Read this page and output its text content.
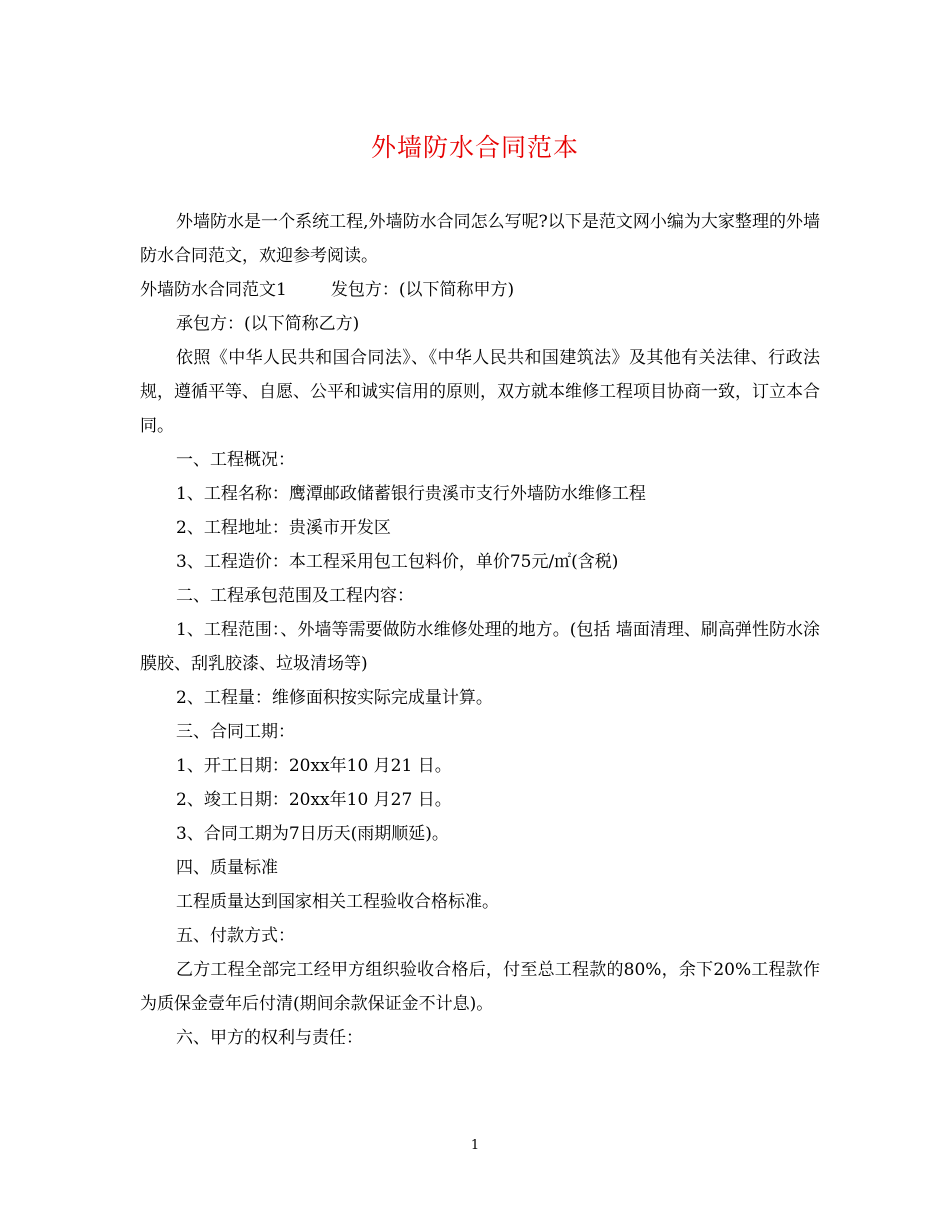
外墙防水合同范本

外墙防水是一个系统工程,外墙防水合同怎么写呢?以下是范文网小编为大家整理的外墙防水合同范文，欢迎参考阅读。

外墙防水合同范文1	发包方：(以下简称甲方)

承包方：(以下简称乙方)

依照《中华人民共和国合同法》、《中华人民共和国建筑法》及其他有关法律、行政法规，遵循平等、自愿、公平和诚实信用的原则，双方就本维修工程项目协商一致，订立本合同。

一、工程概况：

1、工程名称：鹰潭邮政储蓄银行贵溪市支行外墙防水维修工程

2、工程地址：贵溪市开发区

3、工程造价：本工程采用包工包料价，单价75元/㎡(含税)

二、工程承包范围及工程内容：

1、工程范围：、外墙等需要做防水维修处理的地方。(包括 墙面清理、刷高弹性防水涂膜胶、刮乳胶漆、垃圾清场等)

2、工程量：维修面积按实际完成量计算。

三、合同工期：

1、开工日期：20xx年10 月21 日。

2、竣工日期：20xx年10 月27 日。

3、合同工期为7日历天(雨期顺延)。

四、质量标准

工程质量达到国家相关工程验收合格标准。

五、付款方式：

乙方工程全部完工经甲方组织验收合格后，付至总工程款的80%，余下20%工程款作为质保金壹年后付清(期间余款保证金不计息)。

六、甲方的权利与责任：

1
